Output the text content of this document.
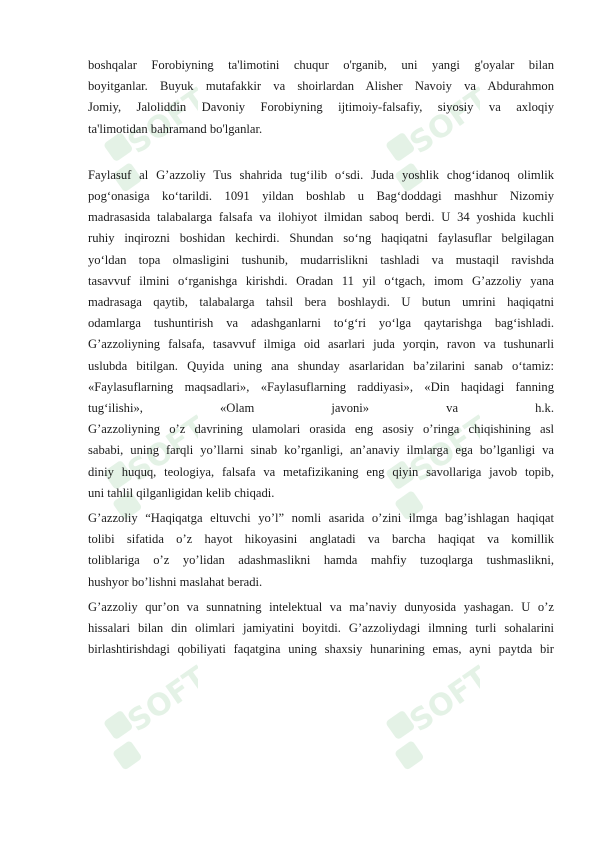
SOFT	SOFT
SOFT	SOFT
SOFT	SOFT

boshqalar Forobiyning ta'limotini chuqur o'rganib, uni yangi g'oyalar bilan

boyitganlar. Buyuk mutafakkir va shoirlardan Alisher Navoiy va Abdurahmon

Jomiy, Jaloliddin Davoniy Forobiyning ijtimoiy-falsafiy, siyosiy va axloqiy

ta'limotidan bahramand bo'lganlar.

Faylasuf al G’azzoliy Tus shahrida tug‘ilib o‘sdi. Juda yoshlik chog‘idanoq olimlik

pog‘onasiga ko‘tarildi. 1091 yildan boshlab u Bag‘doddagi mashhur Nizomiy

madrasasida talabalarga falsafa va ilohiyot ilmidan saboq berdi. U 34 yoshida kuchli

ruhiy inqirozni boshidan kechirdi. Shundan so‘ng haqiqatni faylasuflar belgilagan

yo‘ldan topa olmasligini tushunib, mudarrislikni tashladi va mustaqil ravishda

tasavvuf ilmini o‘rganishga kirishdi. Oradan 11 yil o‘tgach, imom G’azzoliy yana

madrasaga qaytib, talabalarga tahsil bera boshlaydi. U butun umrini haqiqatni

odamlarga tushuntirish va adashganlarni to‘g‘ri yo‘lga qaytarishga bag‘ishladi.

G’azzoliyning falsafa, tasavvuf ilmiga oid asarlari juda yorqin, ravon va tushunarli

uslubda bitilgan. Quyida uning ana shunday asarlaridan ba’zilarini sanab o‘tamiz:

«Faylasuflarning maqsadlari», «Faylasuflarning raddiyasi», «Din haqidagi fanning

tug‘ilishi», «Olam javoni» va h.k.

G’azzoliyning o’z davrining ulamolari orasida eng asosiy o’ringa chiqishining asl

sababi, uning farqli yo’llarni sinab ko’rganligi, an’anaviy ilmlarga ega bo’lganligi va

diniy huquq, teologiya, falsafa va metafizikaning eng qiyin savollariga javob topib,

uni tahlil qilganligidan kelib chiqadi.

G’azzoliy “Haqiqatga eltuvchi yo’l” nomli asarida o’zini ilmga bag’ishlagan haqiqat

tolibi sifatida o’z hayot hikoyasini anglatadi va barcha haqiqat va komillik

toliblariga o’z yo’lidan adashmaslikni hamda mahfiy tuzoqlarga tushmaslikni,

hushyor bo’lishni maslahat beradi.

G’azzoliy qur’on va sunnatning intelektual va ma’naviy dunyosida yashagan. U o’z

hissalari bilan din olimlari jamiyatini boyitdi. G’azzoliydagi ilmning turli sohalarini

birlashtirishdagi qobiliyati faqatgina uning shaxsiy hunarining emas, ayni paytda bir
